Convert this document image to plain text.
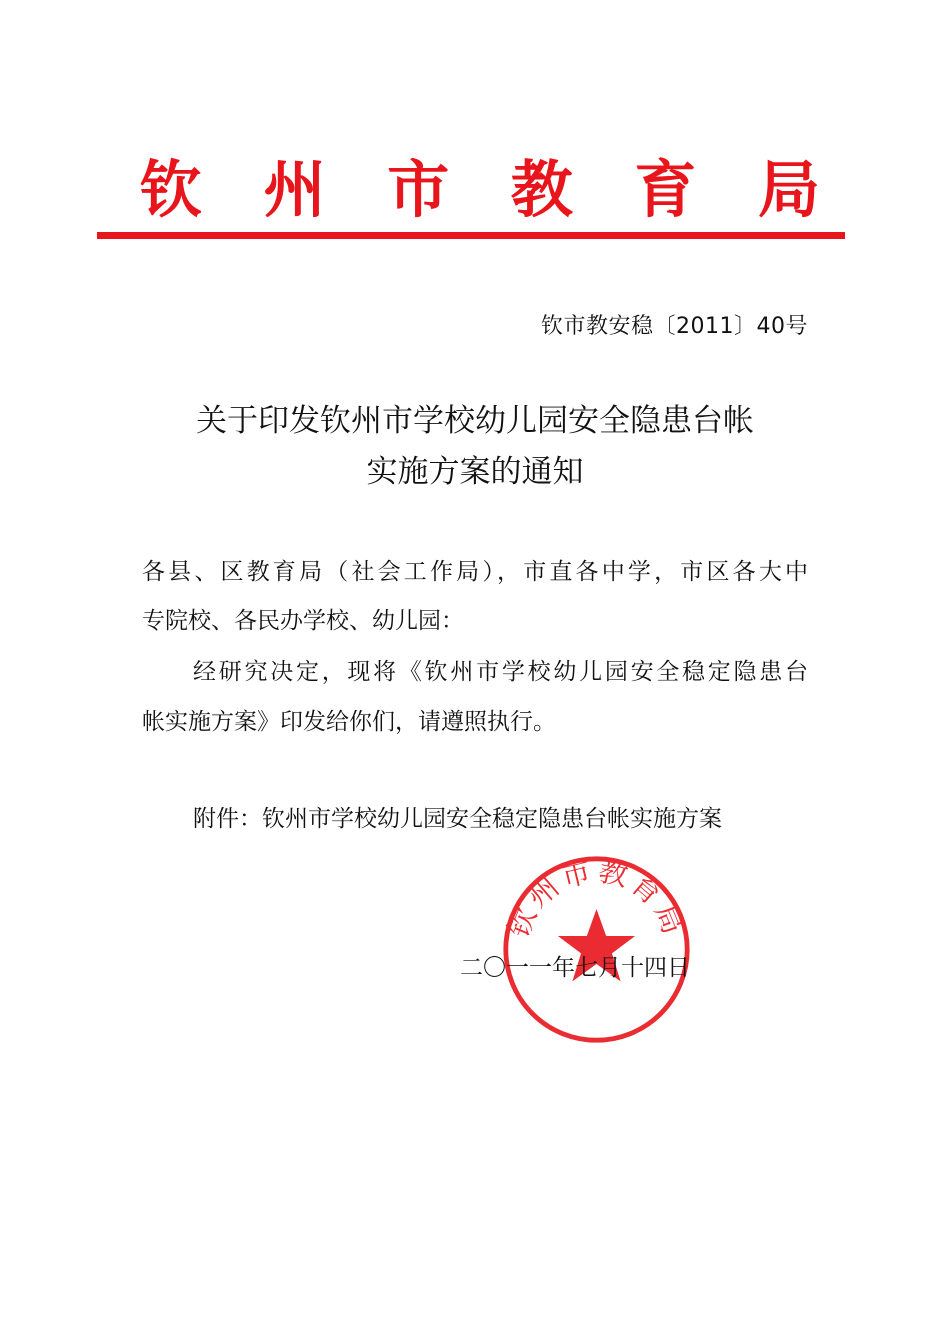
钦 州 市 教 育 局
钦市教安稳〔2011〕40号
关于印发钦州市学校幼儿园安全隐患台帐
实施方案的通知
各县、区教育局（社会工作局），市直各中学，市区各大中
专院校、各民办学校、幼儿园：
经研究决定，现将《钦州市学校幼儿园安全稳定隐患台
帐实施方案》印发给你们，请遵照执行。
附件：钦州市学校幼儿园安全稳定隐患台帐实施方案
钦州市教育局
二〇一一年七月十四日
